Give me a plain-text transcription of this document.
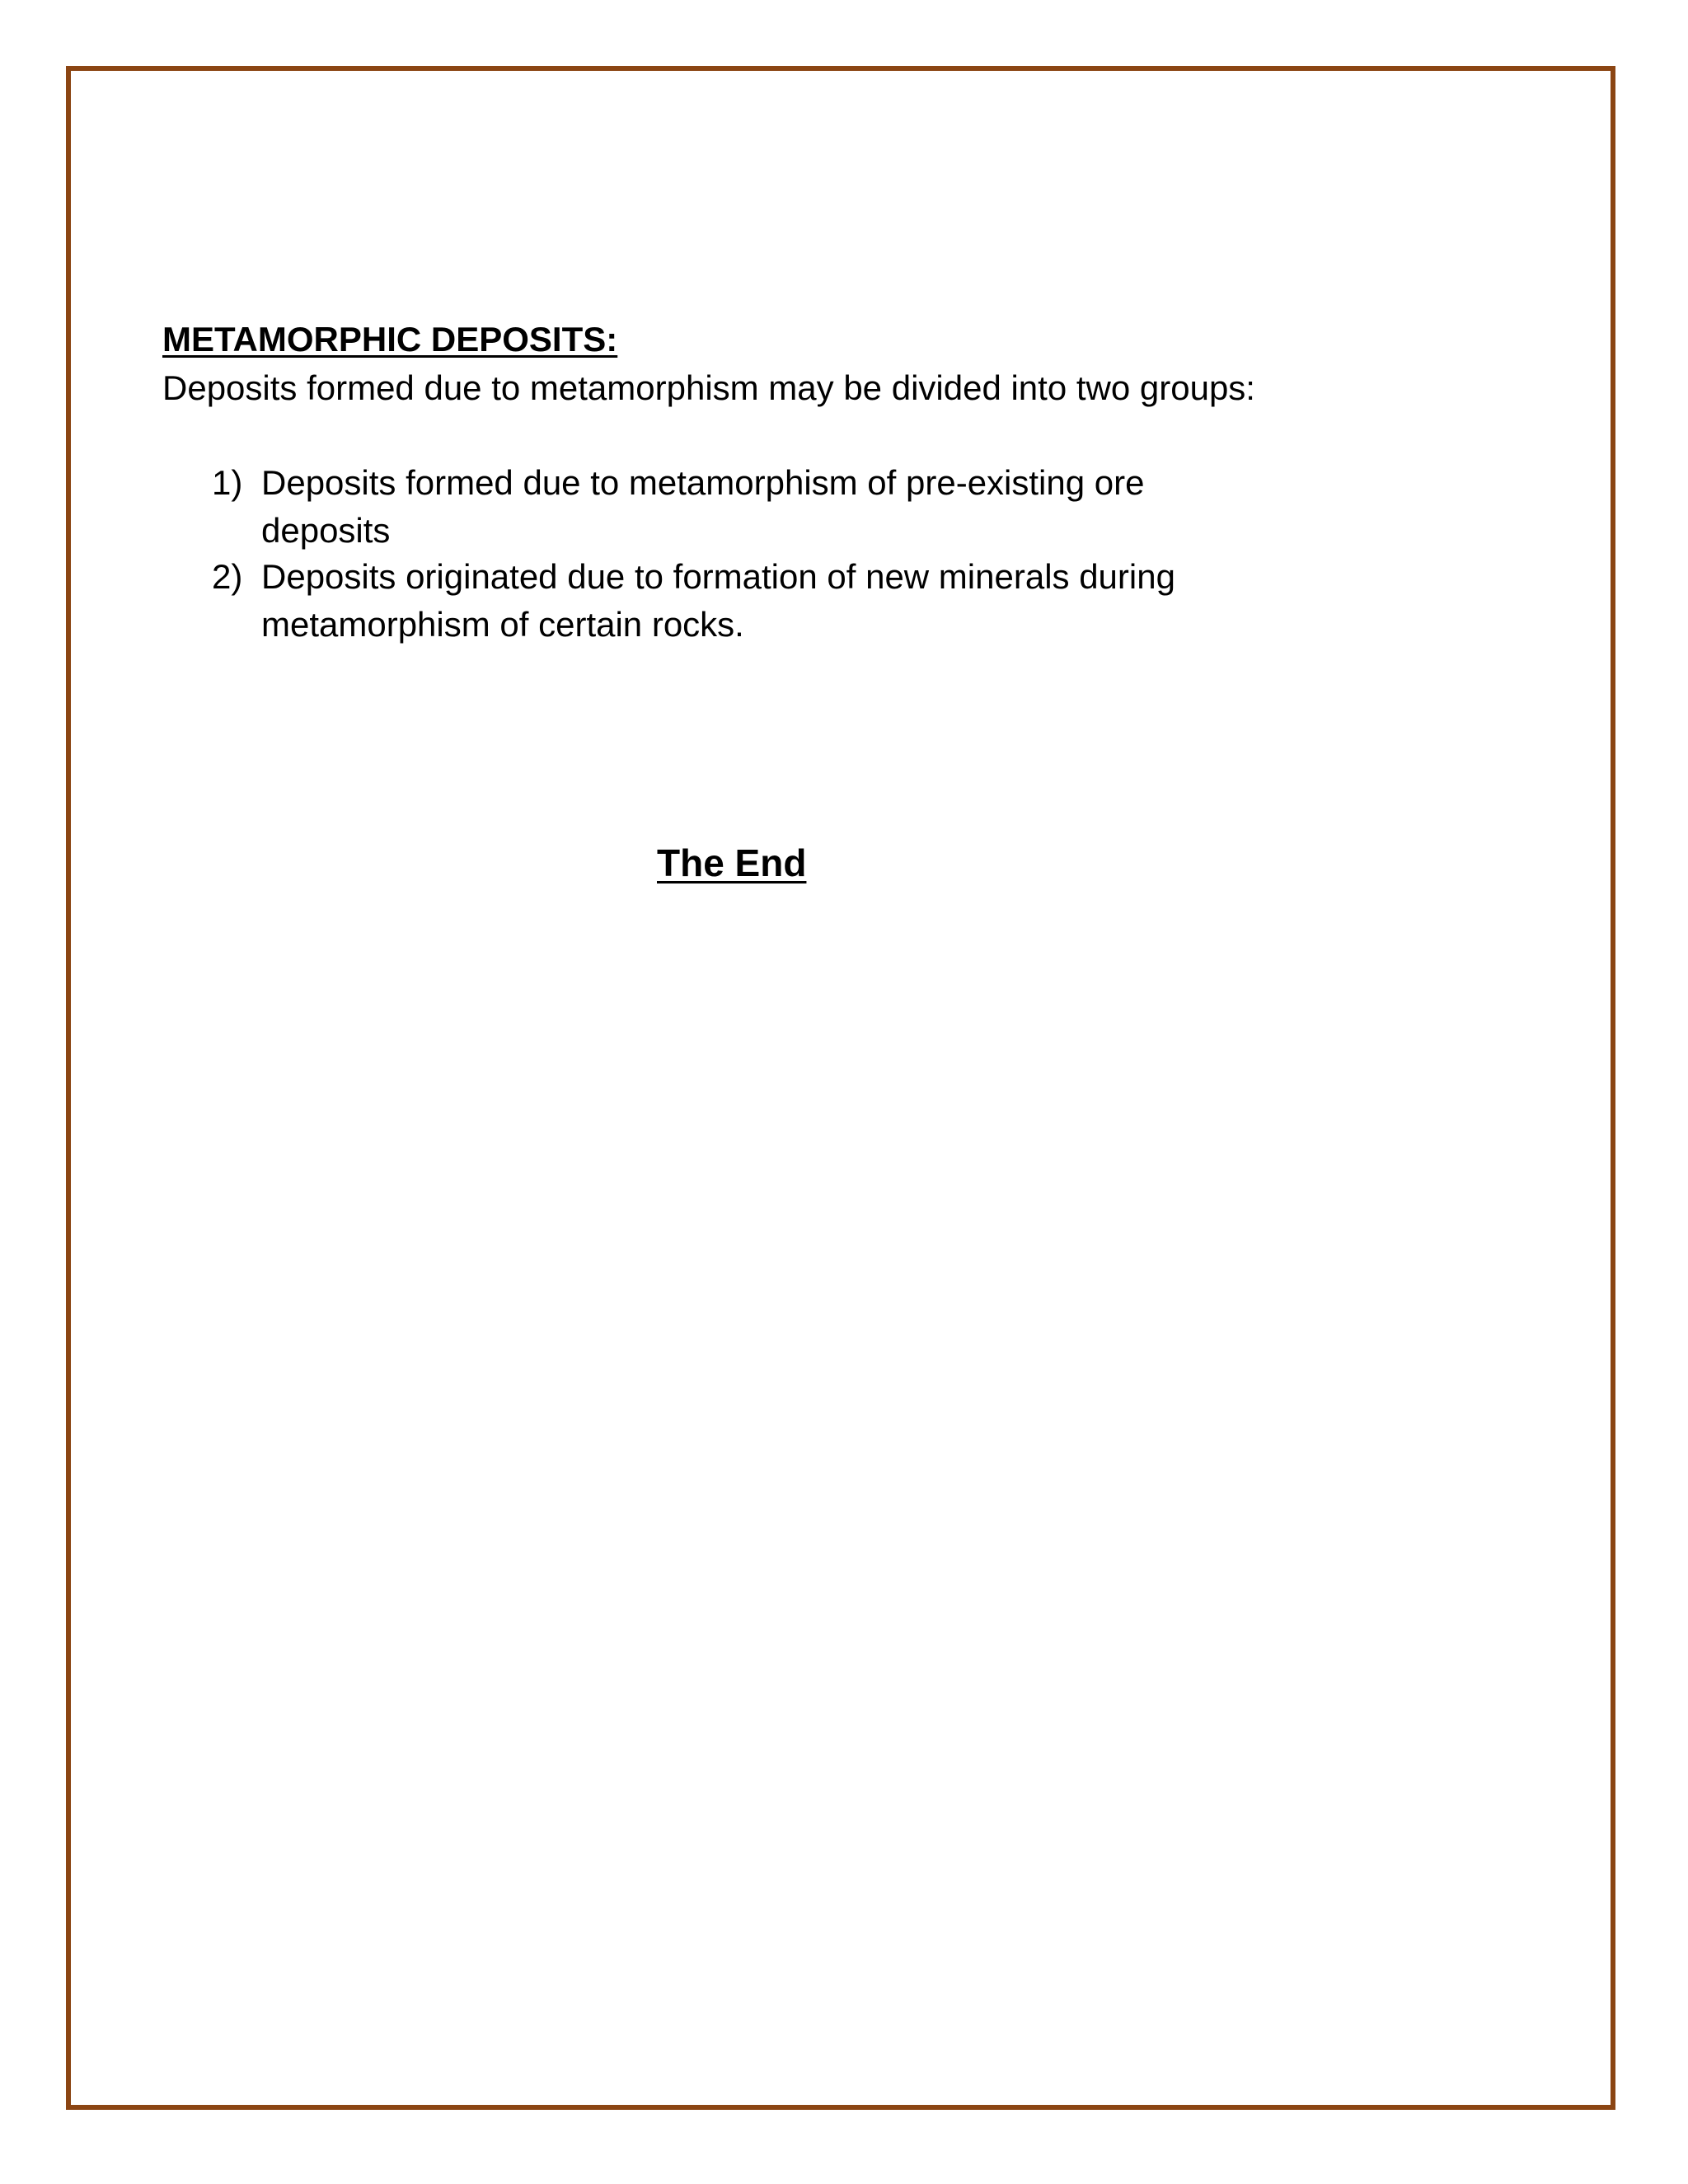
METAMORPHIC DEPOSITS:

Deposits formed due to metamorphism may be divided into two groups:

1) Deposits formed due to metamorphism of pre-existing ore deposits
2) Deposits originated due to formation of new minerals during metamorphism of certain rocks.
The End
